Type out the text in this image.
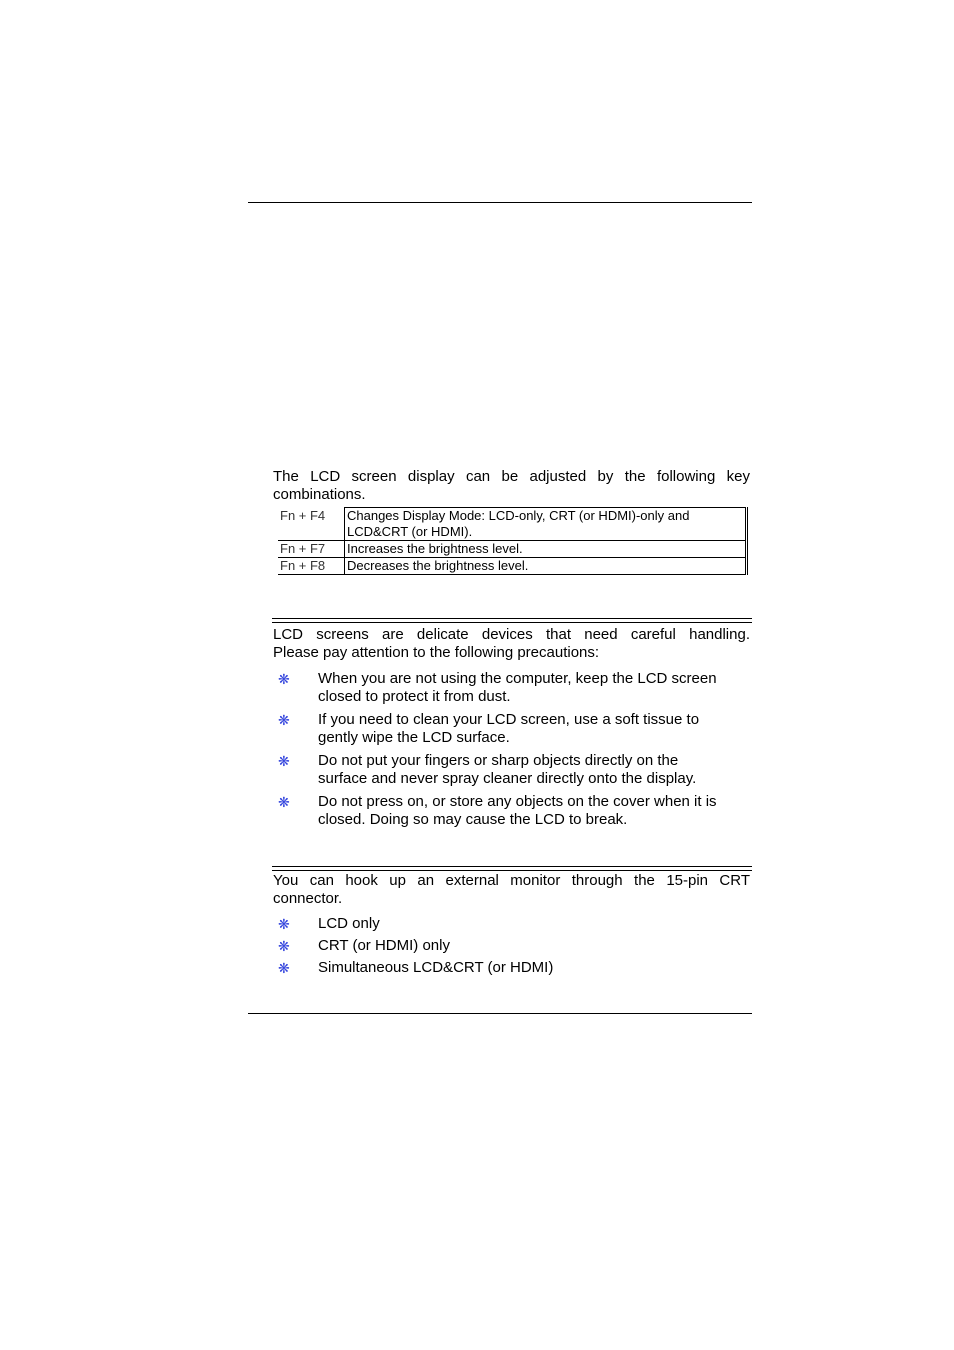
The LCD screen display can be adjusted by the following key
combinations.
Fn + F4	Changes Display Mode: LCD-only, CRT (or HDMI)-only and
LCD&CRT (or HDMI).
Fn + F7	Increases the brightness level.
Fn + F8	Decreases the brightness level.
LCD screens are delicate devices that need careful handling.
Please pay attention to the following precautions:
❋ When you are not using the computer, keep the LCD screen
closed to protect it from dust.
❋ If you need to clean your LCD screen, use a soft tissue to
gently wipe the LCD surface.
❋ Do not put your fingers or sharp objects directly on the
surface and never spray cleaner directly onto the display.
❋ Do not press on, or store any objects on the cover when it is
closed. Doing so may cause the LCD to break.
You can hook up an external monitor through the 15-pin CRT
connector.
❋ LCD only
❋ CRT (or HDMI) only
❋ Simultaneous LCD&CRT (or HDMI)
